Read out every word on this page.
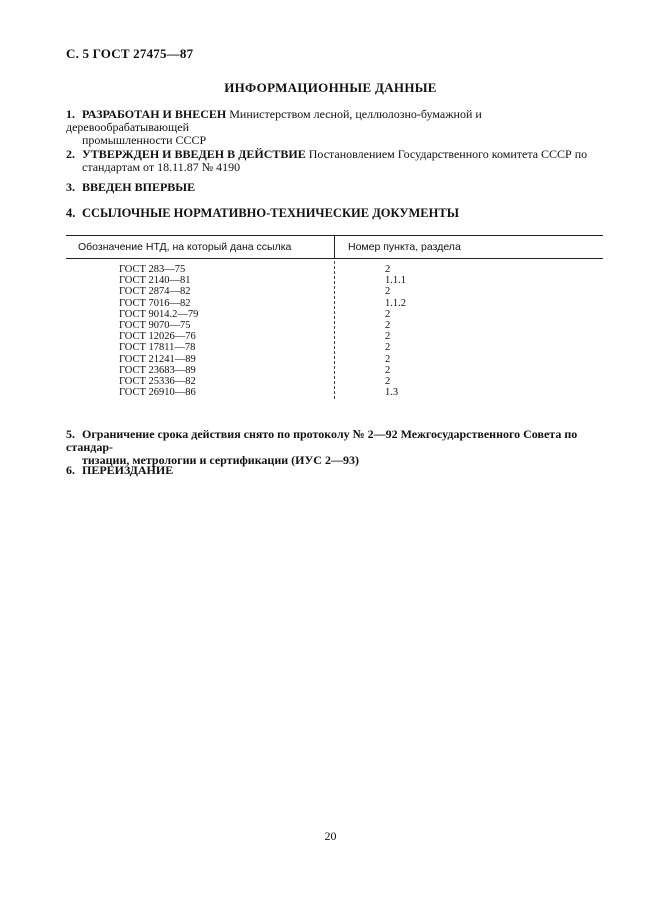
С. 5 ГОСТ 27475—87
ИНФОРМАЦИОННЫЕ ДАННЫЕ
1. РАЗРАБОТАН И ВНЕСЕН Министерством лесной, целлюлозно-бумажной и деревообрабатывающей
промышленности СССР
2. УТВЕРЖДЕН И ВВЕДЕН В ДЕЙСТВИЕ Постановлением Государственного комитета СССР по
стандартам от 18.11.87 № 4190
3. ВВЕДЕН ВПЕРВЫЕ
4. ССЫЛОЧНЫЕ НОРМАТИВНО-ТЕХНИЧЕСКИЕ ДОКУМЕНТЫ
Обозначение НТД, на который дана ссылка	Номер пункта, раздела
ГОСТ 283—75	2
ГОСТ 2140—81	1.1.1
ГОСТ 2874—82	2
ГОСТ 7016—82	1.1.2
ГОСТ 9014.2—79	2
ГОСТ 9070—75	2
ГОСТ 12026—76	2
ГОСТ 17811—78	2
ГОСТ 21241—89	2
ГОСТ 23683—89	2
ГОСТ 25336—82	2
ГОСТ 26910—86	1.3
5. Ограничение срока действия снято по протоколу № 2—92 Межгосударственного Совета по стандар-
тизации, метрологии и сертификации (ИУС 2—93)
6. ПЕРЕИЗДАНИЕ
20
